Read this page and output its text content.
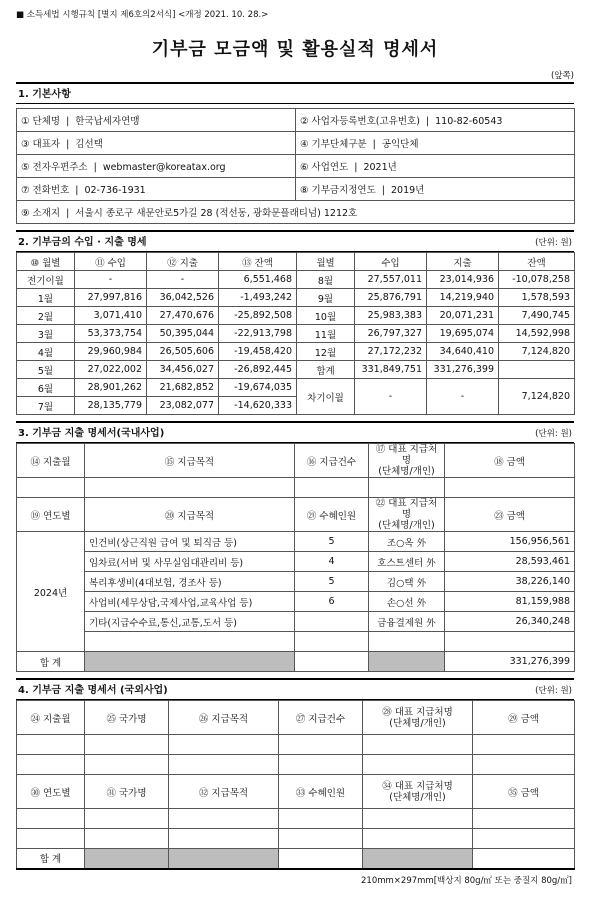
■ 소득세법 시행규칙 [별지 제6호의2서식] <개정 2021. 10. 28.>
기부금 모금액 및 활용실적 명세서
(앞쪽)
1. 기본사항
① 단체명 | 한국납세자연맹	② 사업자등록번호(고유번호) | 110-82-60543
③ 대표자 | 김선택	④ 기부단체구분 | 공익단체
⑤ 전자우편주소 | webmaster@koreatax.org	⑥ 사업연도 | 2021년
⑦ 전화번호 | 02-736-1931	⑧ 기부금지정연도 | 2019년
⑨ 소재지 | 서울시 종로구 새문안로5가길 28 (적선동, 광화문플래티넘) 1212호	
2. 기부금의 수입 · 지출 명세	(단위: 원)
⑩ 월별	⑪ 수입	⑫ 지출	⑬ 잔액	월별	수입	지출	잔액
전기이월	-	-	6,551,468	8월	27,557,011	23,014,936	-10,078,258
1월	27,997,816	36,042,526	-1,493,242	9월	25,876,791	14,219,940	1,578,593
2월	3,071,410	27,470,676	-25,892,508	10월	25,983,383	20,071,231	7,490,745
3월	53,373,754	50,395,044	-22,913,798	11월	26,797,327	19,695,074	14,592,998
4월	29,960,984	26,505,606	-19,458,420	12월	27,172,232	34,640,410	7,124,820
5월	27,022,002	34,456,027	-26,892,445	합계	331,849,751	331,276,399	
6월	28,901,262	21,682,852	-19,674,035	차기이월	-	-	7,124,820
7월	28,135,779	23,082,077	-14,620,333				
3. 기부금 지출 명세서(국내사업)	(단위: 원)
⑭ 지출월	⑮ 지급목적	⑯ 지급건수	⑰ 대표 지급처명
(단체명/개인)	⑱ 금액

⑲ 연도별	⑳ 지급목적	㉑ 수혜인원	㉒ 대표 지급처명
(단체명/개인)	㉓ 금액
2024년	인건비(상근직원 급여 및 퇴직금 등)	5	조○옥 外	156,956,561
	임차료(서버 및 사무실임대관리비 등)	4	호스트센터 外	28,593,461
	복리후생비(4대보험, 경조사 등)	5	김○택 外	38,226,140
	사업비(세무상담,국제사업,교육사업 등)	6	손○선 外	81,159,988
	기타(지급수수료,통신,교통,도서 등)		금융결제원 外	26,340,248

합 계				331,276,399
4. 기부금 지출 명세서 (국외사업)	(단위: 원)
㉔ 지출월	㉕ 국가명	㉖ 지급목적	㉗ 지급건수	㉘ 대표 지급처명
(단체명/개인)	㉙ 금액

㉚ 연도별	㉛ 국가명	㉜ 지급목적	㉝ 수혜인원	㉞ 대표 지급처명
(단체명/개인)	㉟ 금액

합 계					
210mm×297mm[백상지 80g/㎡ 또는 중질지 80g/㎡]
